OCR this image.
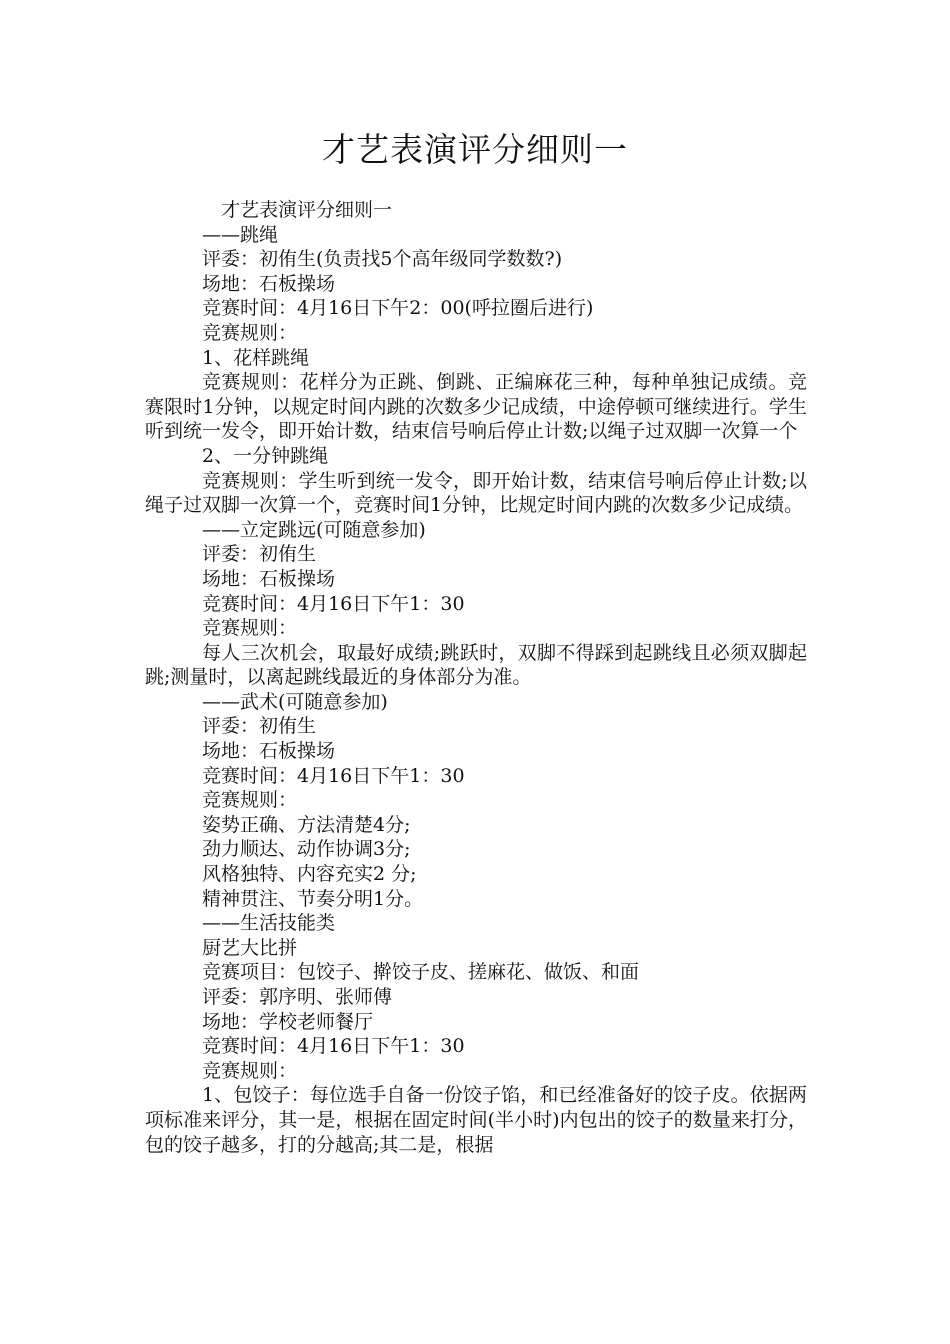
才艺表演评分细则一
才艺表演评分细则一
——跳绳
评委：初侑生(负责找5个高年级同学数数?)
场地：石板操场
竞赛时间：4月16日下午2：00(呼拉圈后进行)
竞赛规则：
1、花样跳绳
竞赛规则：花样分为正跳、倒跳、正编麻花三种，每种单独记成绩。竞赛限时1分钟，以规定时间内跳的次数多少记成绩，中途停顿可继续进行。学生听到统一发令，即开始计数，结束信号响后停止计数;以绳子过双脚一次算一个
2、一分钟跳绳
竞赛规则：学生听到统一发令，即开始计数，结束信号响后停止计数;以绳子过双脚一次算一个，竞赛时间1分钟，比规定时间内跳的次数多少记成绩。
——立定跳远(可随意参加)
评委：初侑生
场地：石板操场
竞赛时间：4月16日下午1：30
竞赛规则：
每人三次机会，取最好成绩;跳跃时，双脚不得踩到起跳线且必须双脚起跳;测量时，以离起跳线最近的身体部分为准。
——武术(可随意参加)
评委：初侑生
场地：石板操场
竞赛时间：4月16日下午1：30
竞赛规则：
姿势正确、方法清楚4分;
劲力顺达、动作协调3分;
风格独特、内容充实2 分;
精神贯注、节奏分明1分。
——生活技能类
厨艺大比拼
竞赛项目：包饺子、擀饺子皮、搓麻花、做饭、和面
评委：郭序明、张师傅
场地：学校老师餐厅
竞赛时间：4月16日下午1：30
竞赛规则：
1、包饺子：每位选手自备一份饺子馅，和已经准备好的饺子皮。依据两项标准来评分，其一是，根据在固定时间(半小时)内包出的饺子的数量来打分，包的饺子越多，打的分越高;其二是，根据
